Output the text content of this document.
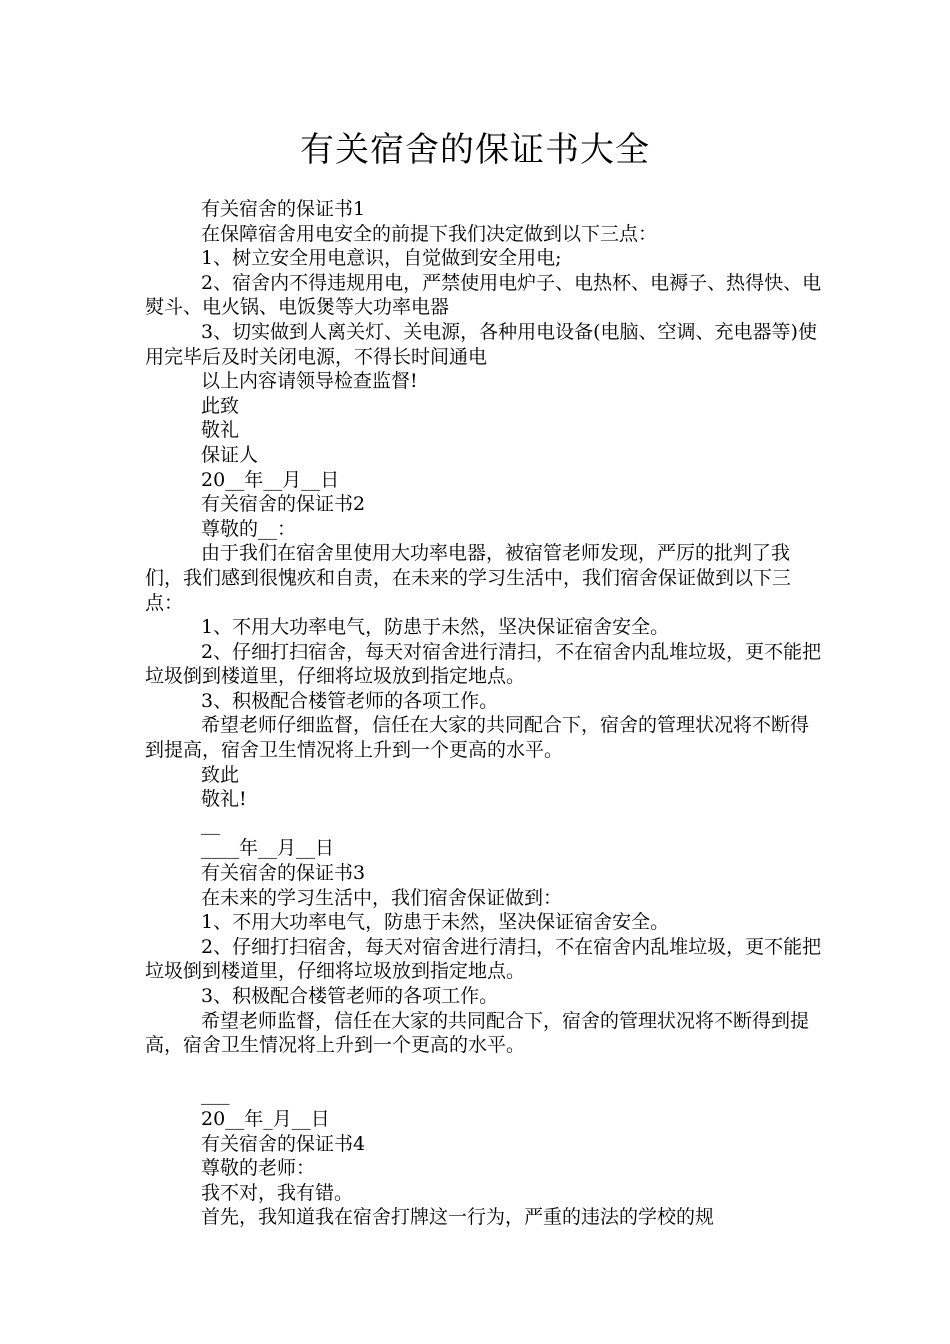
有关宿舍的保证书大全

有关宿舍的保证书1

在保障宿舍用电安全的前提下我们决定做到以下三点：

1、树立安全用电意识，自觉做到安全用电;

2、宿舍内不得违规用电，严禁使用电炉子、电热杯、电褥子、热得快、电熨斗、电火锅、电饭煲等大功率电器

3、切实做到人离关灯、关电源，各种用电设备(电脑、空调、充电器等)使用完毕后及时关闭电源，不得长时间通电

以上内容请领导检查监督!

此致

敬礼

保证人

20__年__月__日

有关宿舍的保证书2

尊敬的__：

由于我们在宿舍里使用大功率电器，被宿管老师发现，严厉的批判了我们，我们感到很愧疚和自责，在未来的学习生活中，我们宿舍保证做到以下三点：

1、不用大功率电气，防患于未然，坚决保证宿舍安全。

2、仔细打扫宿舍，每天对宿舍进行清扫，不在宿舍内乱堆垃圾，更不能把垃圾倒到楼道里，仔细将垃圾放到指定地点。

3、积极配合楼管老师的各项工作。

希望老师仔细监督，信任在大家的共同配合下，宿舍的管理状况将不断得到提高，宿舍卫生情况将上升到一个更高的水平。

致此

敬礼!

__

____年__月__日

有关宿舍的保证书3

在未来的学习生活中，我们宿舍保证做到：

1、不用大功率电气，防患于未然，坚决保证宿舍安全。

2、仔细打扫宿舍，每天对宿舍进行清扫，不在宿舍内乱堆垃圾，更不能把垃圾倒到楼道里，仔细将垃圾放到指定地点。

3、积极配合楼管老师的各项工作。

希望老师监督，信任在大家的共同配合下，宿舍的管理状况将不断得到提高，宿舍卫生情况将上升到一个更高的水平。

___

20__年_月__日

有关宿舍的保证书4

尊敬的老师：

我不对，我有错。

首先，我知道我在宿舍打牌这一行为，严重的违法的学校的规
